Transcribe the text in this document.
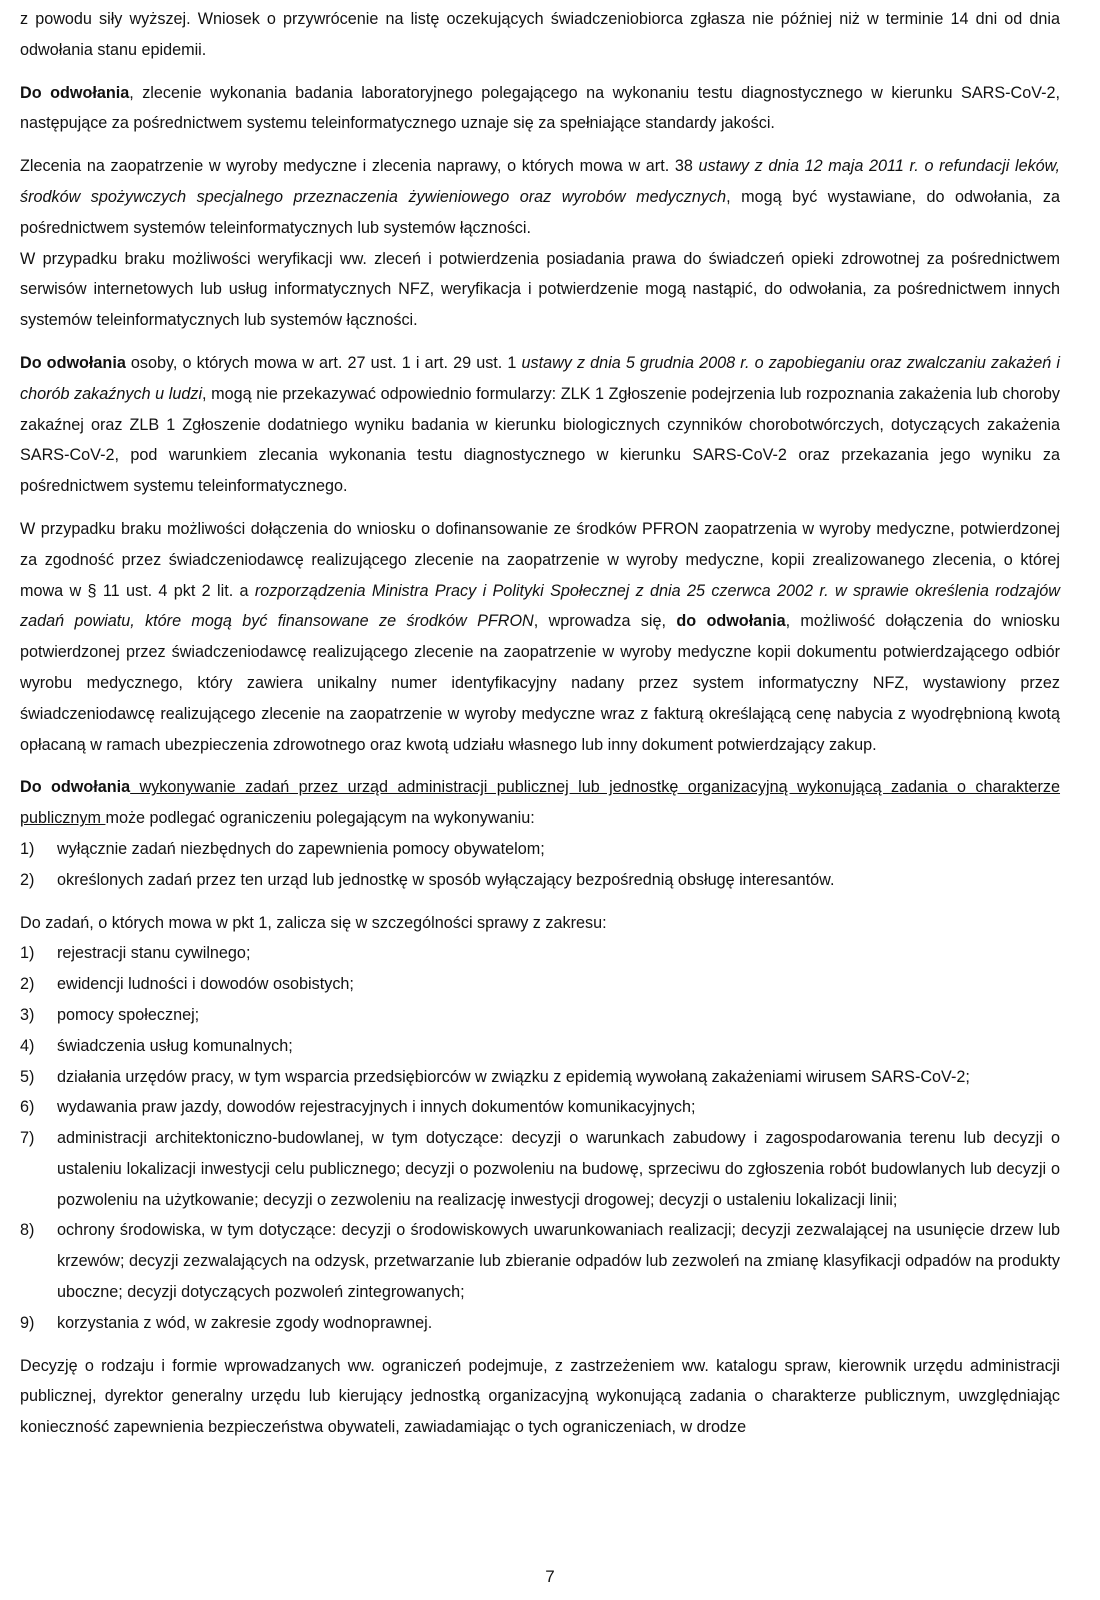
z powodu siły wyższej. Wniosek o przywrócenie na listę oczekujących świadczeniobiorca zgłasza nie później niż w terminie 14 dni od dnia odwołania stanu epidemii.

Do odwołania, zlecenie wykonania badania laboratoryjnego polegającego na wykonaniu testu diagnostycznego w kierunku SARS-CoV-2, następujące za pośrednictwem systemu teleinformatycznego uznaje się za spełniające standardy jakości.

Zlecenia na zaopatrzenie w wyroby medyczne i zlecenia naprawy, o których mowa w art. 38 ustawy z dnia 12 maja 2011 r. o refundacji leków, środków spożywczych specjalnego przeznaczenia żywieniowego oraz wyrobów medycznych, mogą być wystawiane, do odwołania, za pośrednictwem systemów teleinformatycznych lub systemów łączności.

W przypadku braku możliwości weryfikacji ww. zleceń i potwierdzenia posiadania prawa do świadczeń opieki zdrowotnej za pośrednictwem serwisów internetowych lub usług informatycznych NFZ, weryfikacja i potwierdzenie mogą nastąpić, do odwołania, za pośrednictwem innych systemów teleinformatycznych lub systemów łączności.

Do odwołania osoby, o których mowa w art. 27 ust. 1 i art. 29 ust. 1 ustawy z dnia 5 grudnia 2008 r. o zapobieganiu oraz zwalczaniu zakażeń i chorób zakaźnych u ludzi, mogą nie przekazywać odpowiednio formularzy: ZLK 1 Zgłoszenie podejrzenia lub rozpoznania zakażenia lub choroby zakaźnej oraz ZLB 1 Zgłoszenie dodatniego wyniku badania w kierunku biologicznych czynników chorobotwórczych, dotyczących zakażenia SARS-CoV-2, pod warunkiem zlecania wykonania testu diagnostycznego w kierunku SARS-CoV-2 oraz przekazania jego wyniku za pośrednictwem systemu teleinformatycznego.

W przypadku braku możliwości dołączenia do wniosku o dofinansowanie ze środków PFRON zaopatrzenia w wyroby medyczne, potwierdzonej za zgodność przez świadczeniodawcę realizującego zlecenie na zaopatrzenie w wyroby medyczne, kopii zrealizowanego zlecenia, o której mowa w § 11 ust. 4 pkt 2 lit. a rozporządzenia Ministra Pracy i Polityki Społecznej z dnia 25 czerwca 2002 r. w sprawie określenia rodzajów zadań powiatu, które mogą być finansowane ze środków PFRON, wprowadza się, do odwołania, możliwość dołączenia do wniosku potwierdzonej przez świadczeniodawcę realizującego zlecenie na zaopatrzenie w wyroby medyczne kopii dokumentu potwierdzającego odbiór wyrobu medycznego, który zawiera unikalny numer identyfikacyjny nadany przez system informatyczny NFZ, wystawiony przez świadczeniodawcę realizującego zlecenie na zaopatrzenie w wyroby medyczne wraz z fakturą określającą cenę nabycia z wyodrębnioną kwotą opłacaną w ramach ubezpieczenia zdrowotnego oraz kwotą udziału własnego lub inny dokument potwierdzający zakup.

Do odwołania wykonywanie zadań przez urząd administracji publicznej lub jednostkę organizacyjną wykonującą zadania o charakterze publicznym może podlegać ograniczeniu polegającym na wykonywaniu:

1) wyłącznie zadań niezbędnych do zapewnienia pomocy obywatelom;
2) określonych zadań przez ten urząd lub jednostkę w sposób wyłączający bezpośrednią obsługę interesantów.

Do zadań, o których mowa w pkt 1, zalicza się w szczególności sprawy z zakresu:

1) rejestracji stanu cywilnego;
2) ewidencji ludności i dowodów osobistych;
3) pomocy społecznej;
4) świadczenia usług komunalnych;
5) działania urzędów pracy, w tym wsparcia przedsiębiorców w związku z epidemią wywołaną zakażeniami wirusem SARS-CoV-2;
6) wydawania praw jazdy, dowodów rejestracyjnych i innych dokumentów komunikacyjnych;
7) administracji architektoniczno-budowlanej, w tym dotyczące: decyzji o warunkach zabudowy i zagospodarowania terenu lub decyzji o ustaleniu lokalizacji inwestycji celu publicznego; decyzji o pozwoleniu na budowę, sprzeciwu do zgłoszenia robót budowlanych lub decyzji o pozwoleniu na użytkowanie; decyzji o zezwoleniu na realizację inwestycji drogowej; decyzji o ustaleniu lokalizacji linii;
8) ochrony środowiska, w tym dotyczące: decyzji o środowiskowych uwarunkowaniach realizacji; decyzji zezwalającej na usunięcie drzew lub krzewów; decyzji zezwalających na odzysk, przetwarzanie lub zbieranie odpadów lub zezwoleń na zmianę klasyfikacji odpadów na produkty uboczne; decyzji dotyczących pozwoleń zintegrowanych;
9) korzystania z wód, w zakresie zgody wodnoprawnej.

Decyzję o rodzaju i formie wprowadzanych ww. ograniczeń podejmuje, z zastrzeżeniem ww. katalogu spraw, kierownik urzędu administracji publicznej, dyrektor generalny urzędu lub kierujący jednostką organizacyjną wykonującą zadania o charakterze publicznym, uwzględniając konieczność zapewnienia bezpieczeństwa obywateli, zawiadamiając o tych ograniczeniach, w drodze

7
